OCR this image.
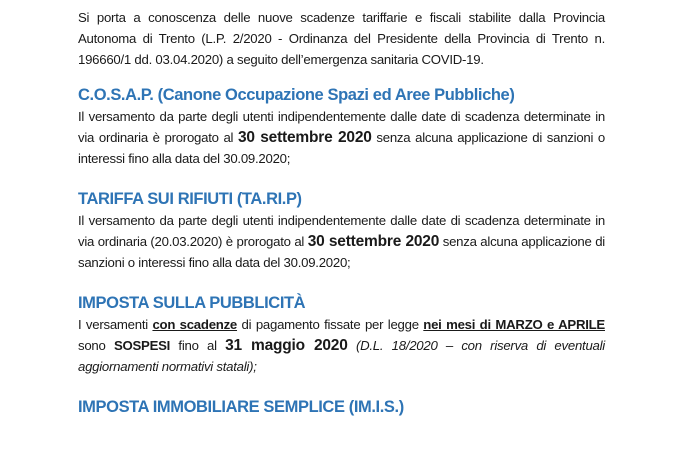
Si porta a conoscenza delle nuove scadenze tariffarie e fiscali stabilite dalla Provincia Autonoma di Trento (L.P. 2/2020 - Ordinanza del Presidente della Provincia di Trento n. 196660/1 dd. 03.04.2020) a seguito dell’emergenza sanitaria COVID-19.

C.O.S.A.P. (Canone Occupazione Spazi ed Aree Pubbliche)

Il versamento da parte degli utenti indipendentemente dalle date di scadenza determinate in via ordinaria è prorogato al 30 settembre 2020 senza alcuna applicazione di sanzioni o interessi fino alla data del 30.09.2020;

TARIFFA SUI RIFIUTI (TA.RI.P)

Il versamento da parte degli utenti indipendentemente dalle date di scadenza determinate in via ordinaria (20.03.2020) è prorogato al 30 settembre 2020 senza alcuna applicazione di sanzioni o interessi fino alla data del 30.09.2020;

IMPOSTA SULLA PUBBLICITÀ

I versamenti con scadenze di pagamento fissate per legge nei mesi di MARZO e APRILE sono SOSPESI fino al 31 maggio 2020 (D.L. 18/2020 – con riserva di eventuali aggiornamenti normativi statali);

IMPOSTA IMMOBILIARE SEMPLICE (IM.I.S.)
